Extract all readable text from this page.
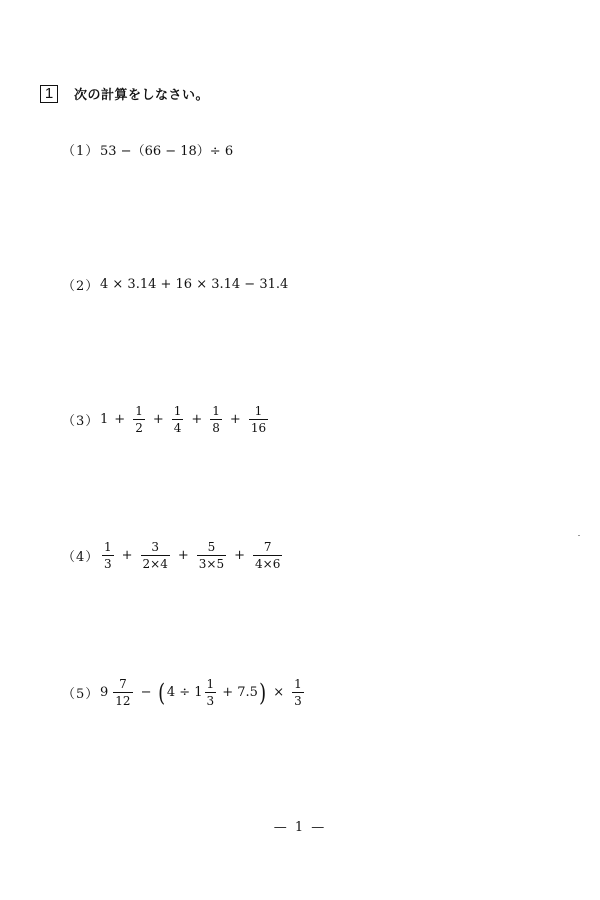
1	次の計算をしなさい。
（1） 53 −（66 − 18）÷ 6
（2） 4 × 3.14 + 16 × 3.14 − 31.4
（3） $1 + \frac{1}{2} + \frac{1}{4} + \frac{1}{8} + \frac{1}{16}$
$(4) \frac{1}{3} + \frac{3}{2\times 4} + \frac{5}{3\times 5} + \frac{7}{4\times 6}$
（5） $9 \frac{7}{12}$ − ( $4 \div 1 \frac{1}{3} + 7.5$ ) × $\frac{1}{3}$
— 1 —
